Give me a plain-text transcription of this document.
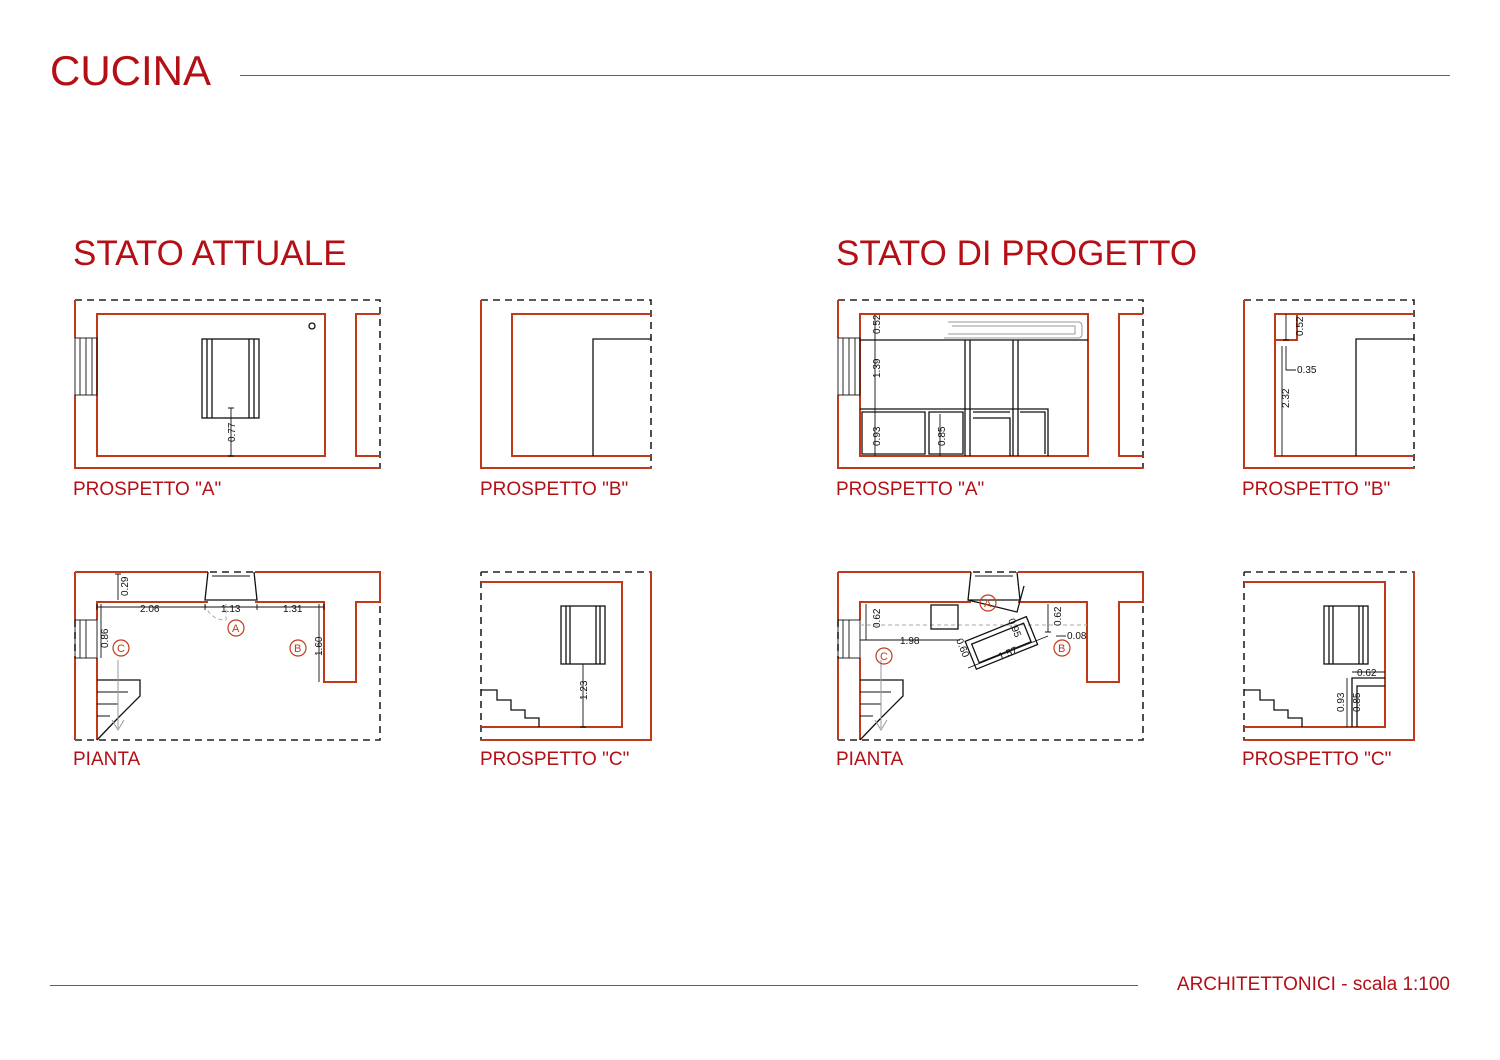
CUCINA
STATO ATTUALE	STATO DI PROGETTO
0.77
0.29
2.06	1.13	1.31
0.86	1.60
A
B
C
1.23
0.52
1.39
0.93	0.85
0.52
0.35
2.32
0.62
1.98	0.60
0.95
1.57
0.62
0.08
A
B
C
0.62
0.93 0.85
PROSPETTO "A"	PROSPETTO "B"
PIANTA	PROSPETTO "C"
PROSPETTO "A"	PROSPETTO "B"
PIANTA	PROSPETTO "C"
ARCHITETTONICI - scala 1:100
